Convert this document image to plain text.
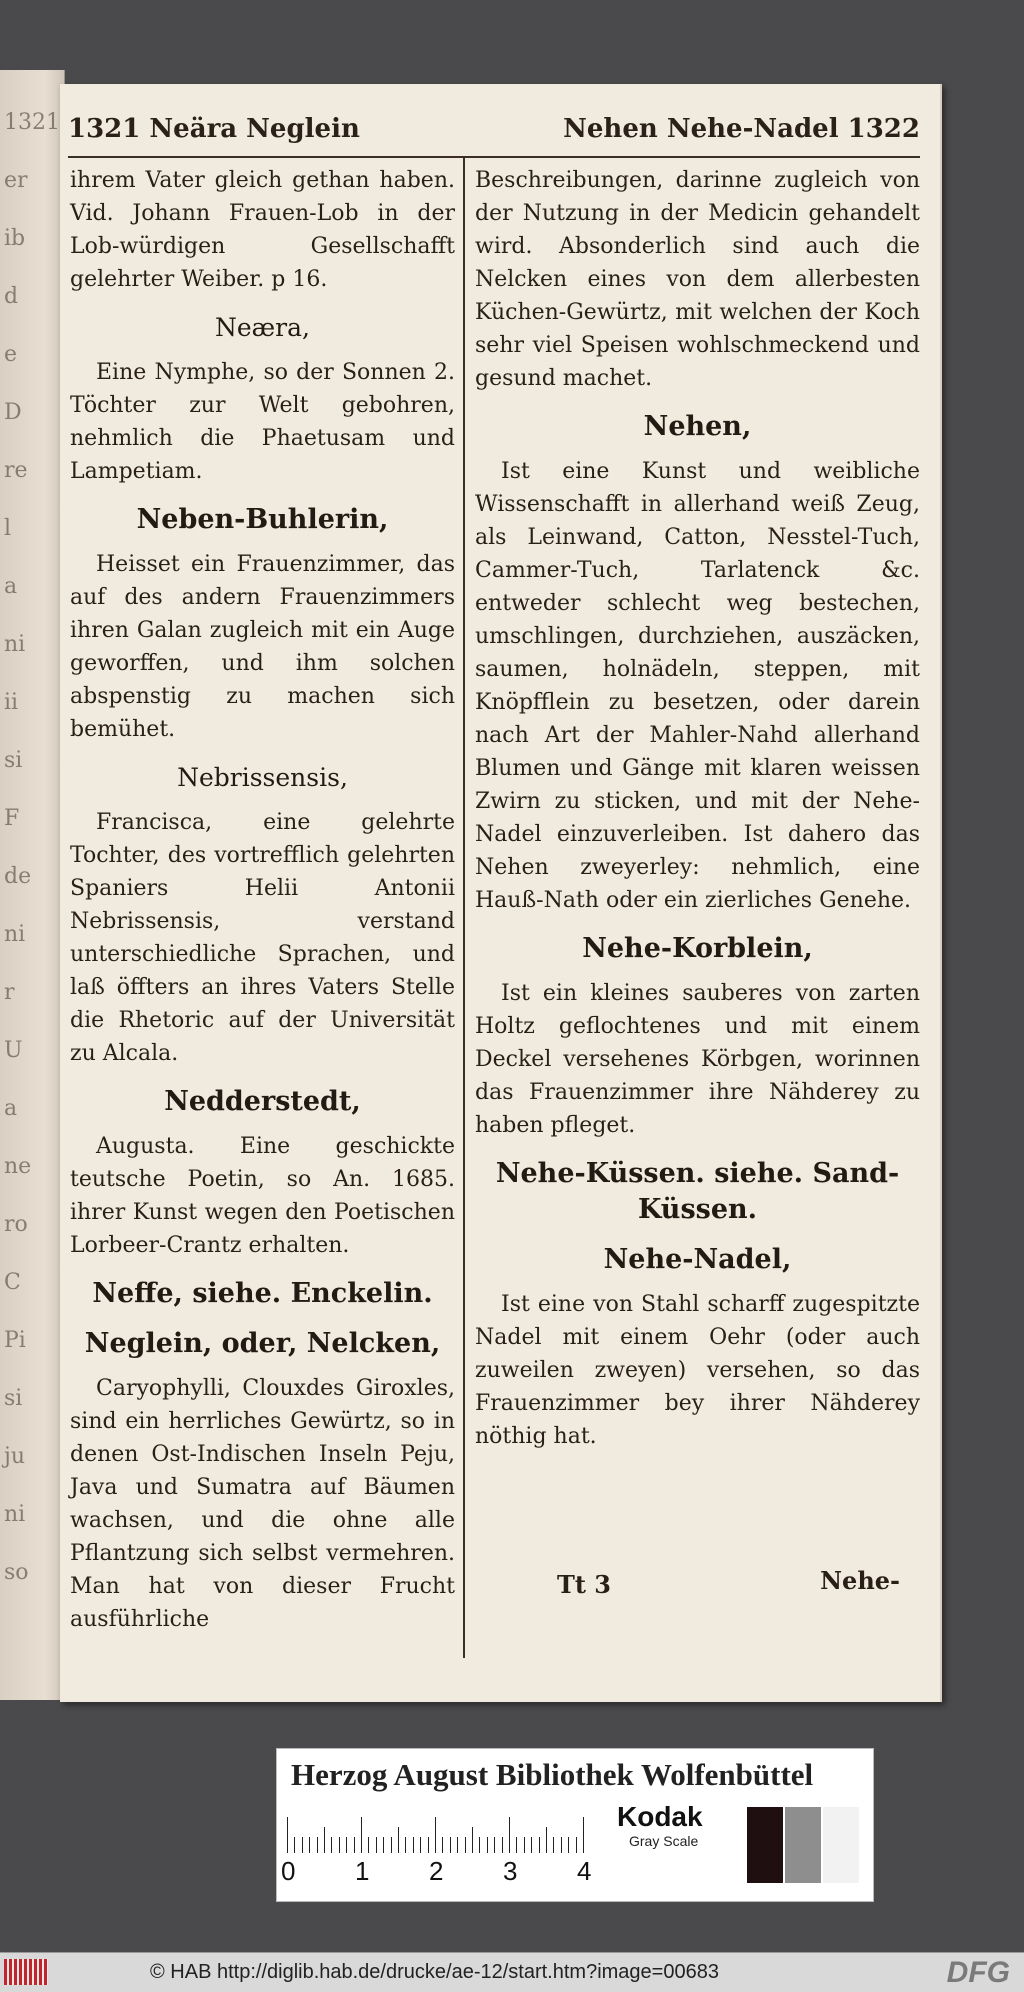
1321
er
ib
d
e
D
re
l
a
ni
ii
si
F
de
ni
r
U
a
ne
ro
C
Pi
si
ju
ni
so
1321 Neära Neglein	Nehen Nehe-Nadel 1322

ihrem Vater gleich gethan haben. Vid. Johann Frauen-Lob in der Lob-würdigen Gesellschafft gelehrter Weiber. p 16.

Neæra,

Eine Nymphe, so der Sonnen 2. Töchter zur Welt gebohren, nehmlich die Phaetusam und Lampetiam.

Neben-Buhlerin,

Heisset ein Frauenzimmer, das auf des andern Frauenzimmers ihren Galan zugleich mit ein Auge geworffen, und ihm solchen abspenstig zu machen sich bemühet.

Nebrissensis,

Francisca, eine gelehrte Tochter, des vortrefflich gelehrten Spaniers Helii Antonii Nebrissensis, verstand unterschiedliche Sprachen, und laß öffters an ihres Vaters Stelle die Rhetoric auf der Universität zu Alcala.

Nedderstedt,

Augusta. Eine geschickte teutsche Poetin, so An. 1685. ihrer Kunst wegen den Poetischen Lorbeer-Crantz erhalten.

Neffe, siehe. Enckelin.
Neglein, oder, Nelcken,

Caryophylli, Clouxdes Giroxles, sind ein herrliches Gewürtz, so in denen Ost-Indischen Inseln Peju, Java und Sumatra auf Bäumen wachsen, und die ohne alle Pflantzung sich selbst vermehren. Man hat von dieser Frucht ausführliche

Beschreibungen, darinne zugleich von der Nutzung in der Medicin gehandelt wird. Absonderlich sind auch die Nelcken eines von dem allerbesten Küchen-Gewürtz, mit welchen der Koch sehr viel Speisen wohlschmeckend und gesund machet.

Nehen,

Ist eine Kunst und weibliche Wissenschafft in allerhand weiß Zeug, als Leinwand, Catton, Nesstel-Tuch, Cammer-Tuch, Tarlatenck &c. entweder schlecht weg bestechen, umschlingen, durchziehen, auszäcken, saumen, holnädeln, steppen, mit Knöpfflein zu besetzen, oder darein nach Art der Mahler-Nahd allerhand Blumen und Gänge mit klaren weissen Zwirn zu sticken, und mit der Nehe-Nadel einzuverleiben. Ist dahero das Nehen zweyerley: nehmlich, eine Hauß-Nath oder ein zierliches Genehe.

Nehe-Korblein,

Ist ein kleines sauberes von zarten Holtz geflochtenes und mit einem Deckel versehenes Körbgen, worinnen das Frauenzimmer ihre Nähderey zu haben pfleget.

Nehe-Küssen. siehe. Sand-Küssen.
Nehe-Nadel,

Ist eine von Stahl scharff zugespitzte Nadel mit einem Oehr (oder auch zuweilen zweyen) versehen, so das Frauenzimmer bey ihrer Nähderey nöthig hat.

Tt 3	Nehe-
Herzog August Bibliothek Wolfenbüttel
0 1 2 3 4
Kodak
Gray Scale
© HAB http://diglib.hab.de/drucke/ae-12/start.htm?image=00683	DFG
